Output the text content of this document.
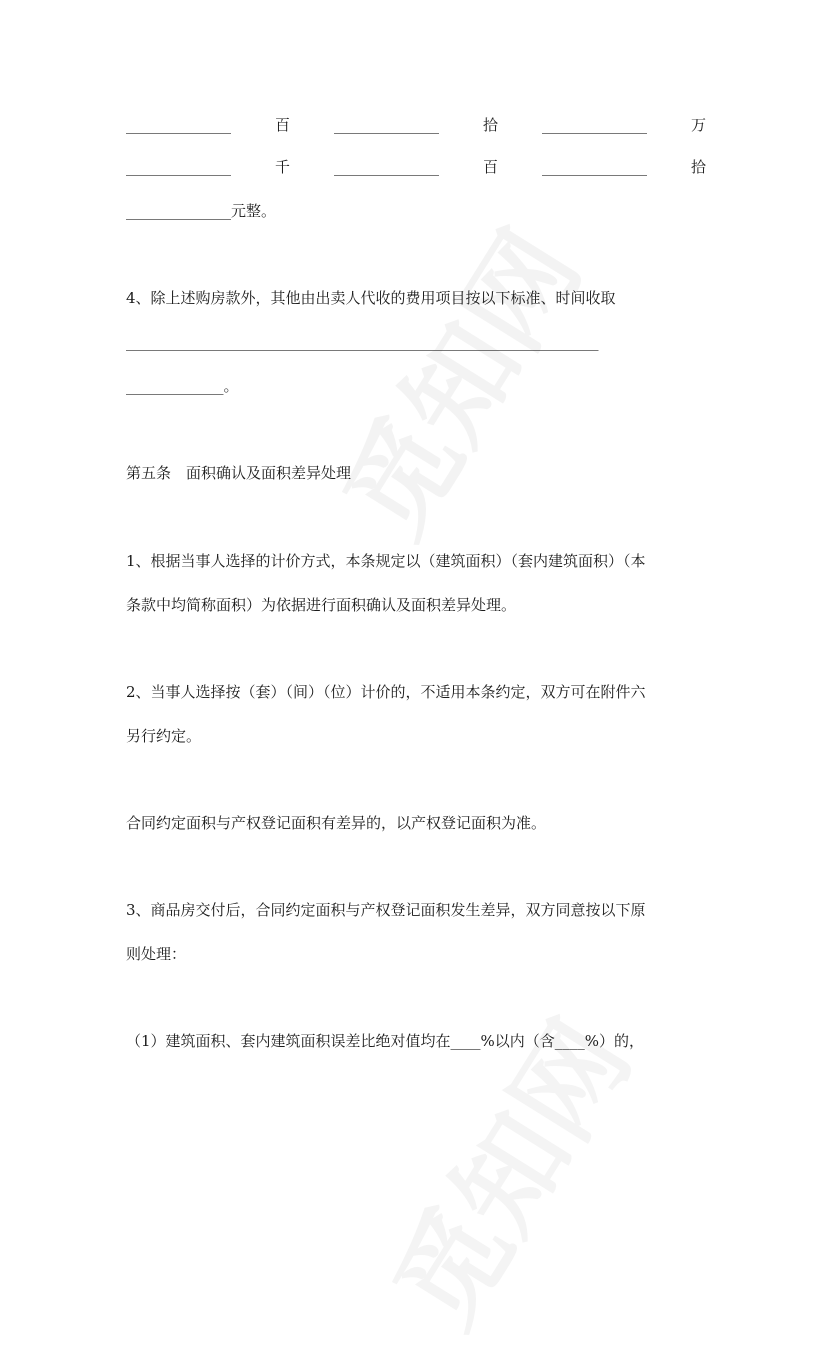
______________	百	______________	拾	______________	万
______________	千	______________	百	______________	拾
______________元整。
4、除上述购房款外，其他由出卖人代收的费用项目按以下标准、时间收取
_______________________________________________________________
_____________。
第五条　面积确认及面积差异处理
1、根据当事人选择的计价方式，本条规定以（建筑面积）（套内建筑面积）（本
条款中均简称面积）为依据进行面积确认及面积差异处理。
2、当事人选择按（套）（间）（位）计价的，不适用本条约定，双方可在附件六
另行约定。
合同约定面积与产权登记面积有差异的，以产权登记面积为准。
3、商品房交付后，合同约定面积与产权登记面积发生差异，双方同意按以下原
则处理：
（1）建筑面积、套内建筑面积误差比绝对值均在____%以内（含____%）的，
